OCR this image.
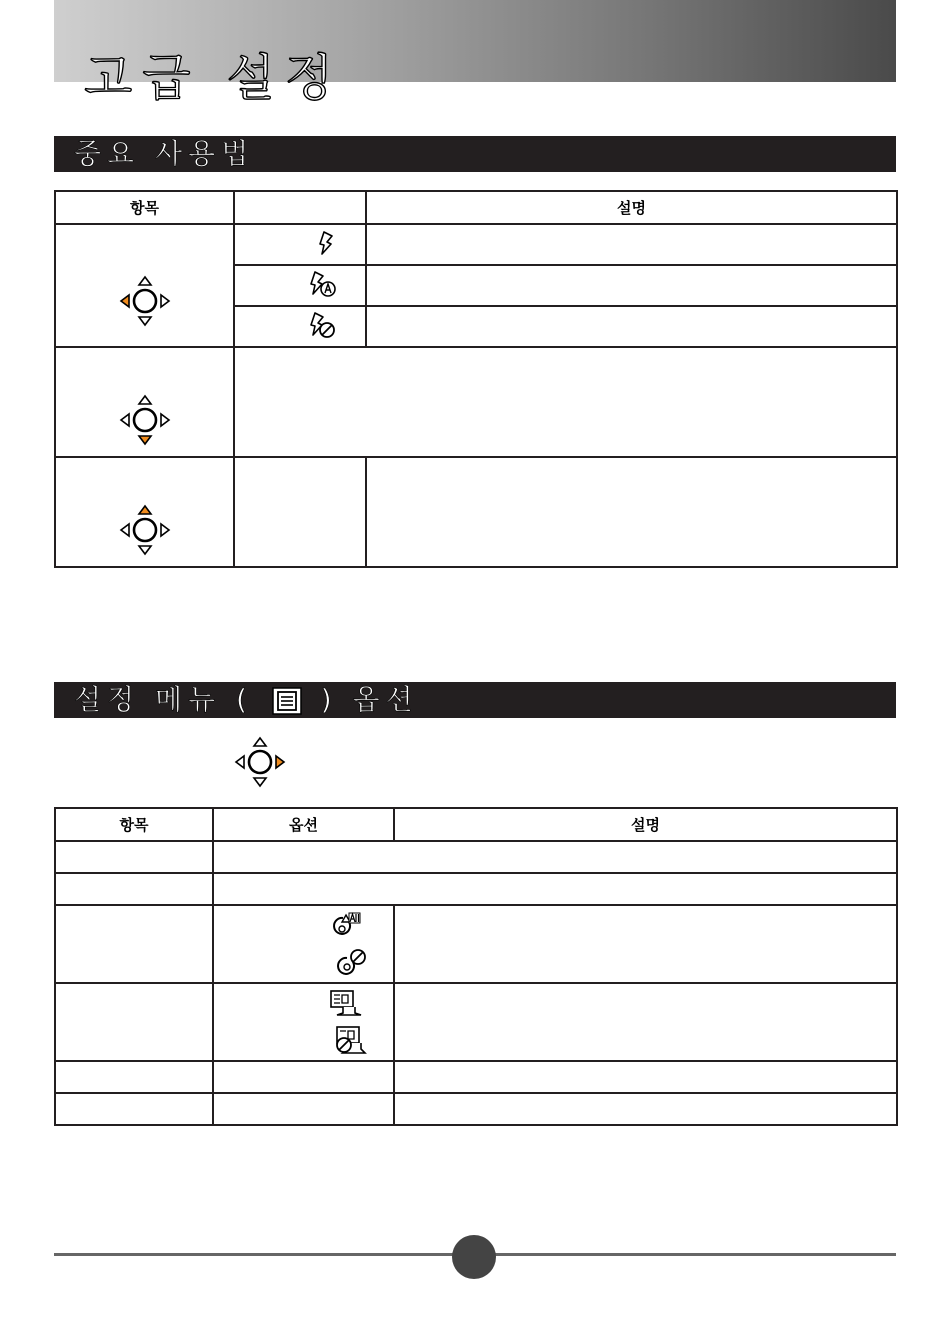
고급 설정
중요 사용법
항목		설명

설정 메뉴 ( ) 옵션
항목	옵션	설명
